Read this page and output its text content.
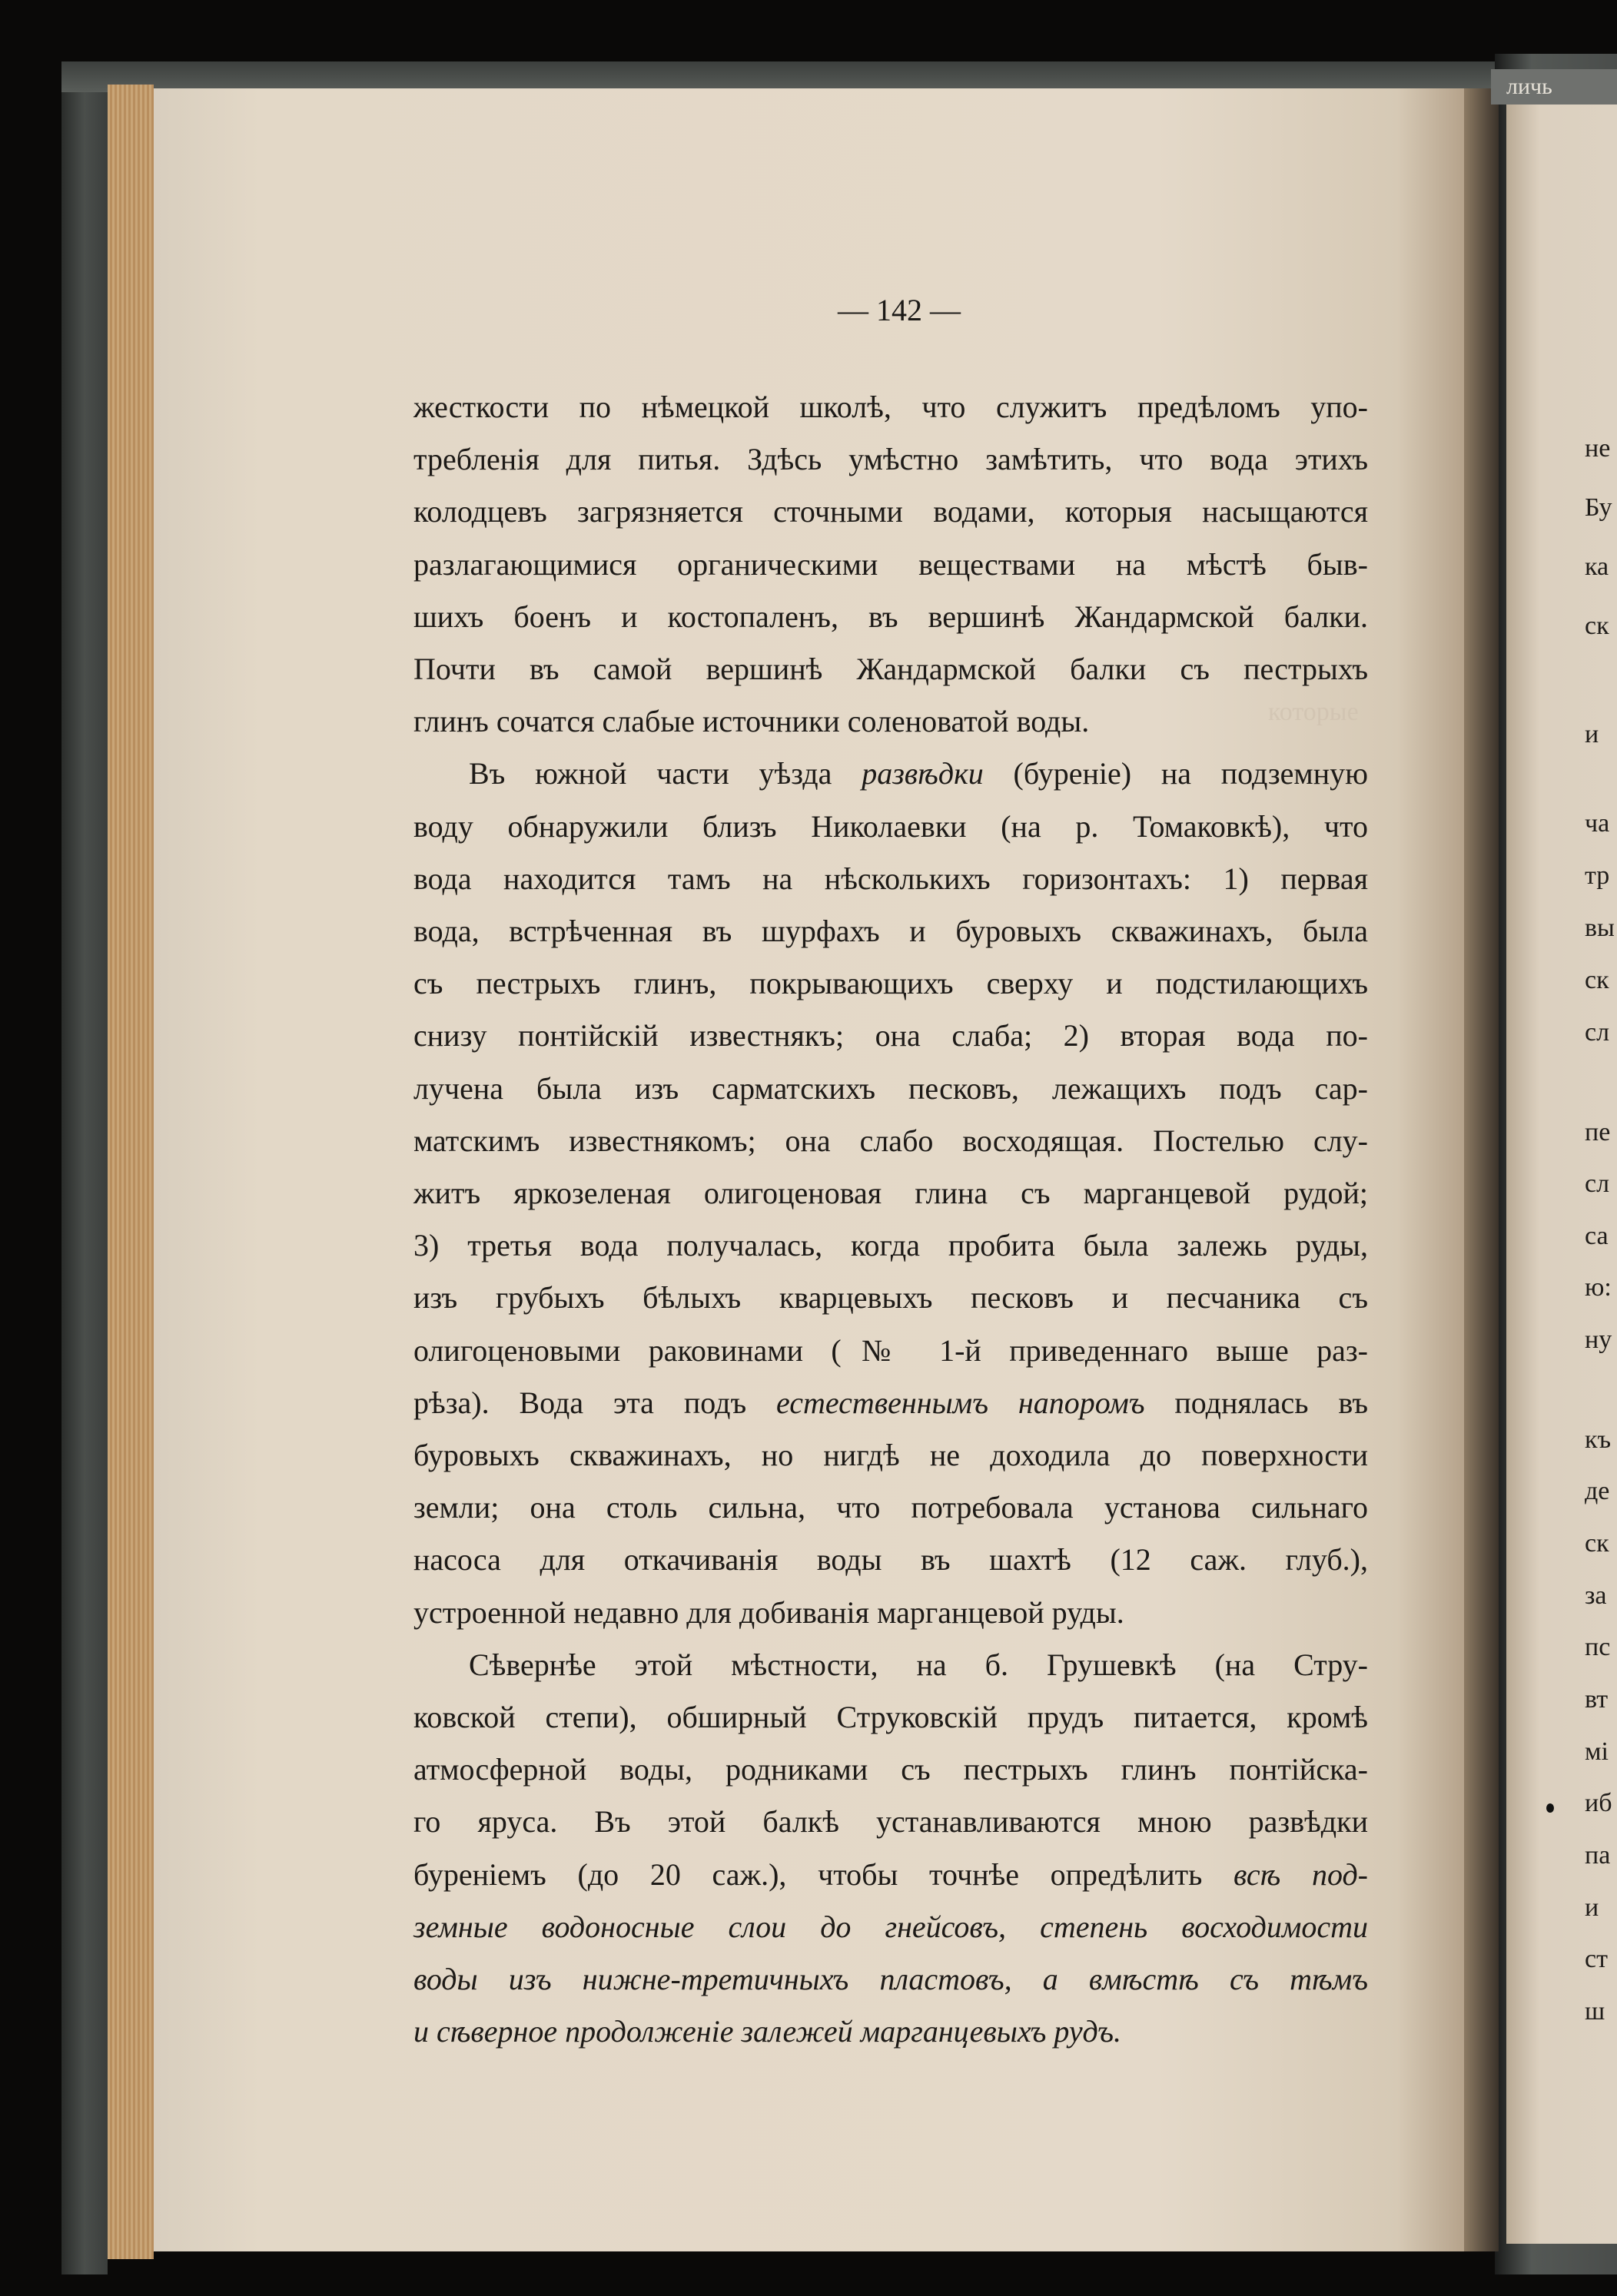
личь
не
Бу
ка
ск
и
ча
тр
вы
ск
сл
пе
сл
са
ю:
ну
къ
де
ск
за
пс
вт
мі
иб
па
и
ст
ш
— 142 —
которые
жесткости по нѣмецкой школѣ, что служитъ предѣломъ упо-
требленія для питья. Здѣсь умѣстно замѣтить, что вода этихъ
колодцевъ загрязняется сточными водами, которыя насыщаются
разлагающимися органическими веществами на мѣстѣ быв-
шихъ боенъ и костопаленъ, въ вершинѣ Жандармской балки.
Почти въ самой вершинѣ Жандармской балки съ пестрыхъ
глинъ сочатся слабые источники соленоватой воды.
Въ южной части уѣзда развѣдки (буреніе) на подземную
воду обнаружили близъ Николаевки (на р. Томаковкѣ), что
вода находится тамъ на нѣсколькихъ горизонтахъ: 1) первая
вода, встрѣченная въ шурфахъ и буровыхъ скважинахъ, была
съ пестрыхъ глинъ, покрывающихъ сверху и подстилающихъ
снизу понтійскій известнякъ; она слаба; 2) вторая вода по-
лучена была изъ сарматскихъ песковъ, лежащихъ подъ сар-
матскимъ известнякомъ; она слабо восходящая. Постелью слу-
житъ яркозеленая олигоценовая глина съ марганцевой рудой;
3) третья вода получалась, когда пробита была залежь руды,
изъ грубыхъ бѣлыхъ кварцевыхъ песковъ и песчаника съ
олигоценовыми раковинами (№ 1-й приведеннаго выше раз-
рѣза). Вода эта подъ естественнымъ напоромъ поднялась въ
буровыхъ скважинахъ, но нигдѣ не доходила до поверхности
земли; она столь сильна, что потребовала установа сильнаго
насоса для откачиванія воды въ шахтѣ (12 саж. глуб.),
устроенной недавно для добиванія марганцевой руды.
Сѣвернѣе этой мѣстности, на б. Грушевкѣ (на Стру-
ковской степи), обширный Струковскій прудъ питается, кромѣ
атмосферной воды, родниками съ пестрыхъ глинъ понтійска-
го яруса. Въ этой балкѣ устанавливаются мною развѣдки
буреніемъ (до 20 саж.), чтобы точнѣе опредѣлить всѣ под-
земные водоносные слои до гнейсовъ, степень восходимости
воды изъ нижне-третичныхъ пластовъ, а вмѣстѣ съ тѣмъ
и сѣверное продолженіе залежей марганцевыхъ рудъ.
